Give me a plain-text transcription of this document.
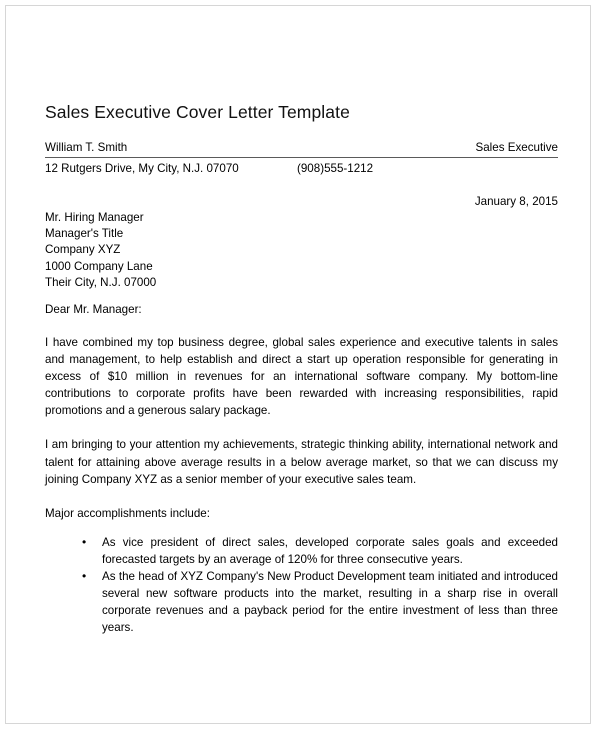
Sales Executive Cover Letter Template
William T. Smith	Sales Executive
12 Rutgers Drive, My City, N.J. 07070	(908)555-1212
January 8, 2015
Mr. Hiring Manager
Manager's Title
Company XYZ
1000 Company Lane
Their City, N.J. 07000
Dear Mr. Manager:

I have combined my top business degree, global sales experience and executive talents in sales and management, to help establish and direct a start up operation responsible for generating in excess of $10 million in revenues for an international software company. My bottom-line contributions to corporate profits have been rewarded with increasing responsibilities, rapid promotions and a generous salary package.

I am bringing to your attention my achievements, strategic thinking ability, international network and talent for attaining above average results in a below average market, so that we can discuss my joining Company XYZ as a senior member of your executive sales team.

Major accomplishments include:

• As vice president of direct sales, developed corporate sales goals and exceeded forecasted targets by an average of 120% for three consecutive years.
• As the head of XYZ Company's New Product Development team initiated and introduced several new software products into the market, resulting in a sharp rise in overall corporate revenues and a payback period for the entire investment of less than three years.
